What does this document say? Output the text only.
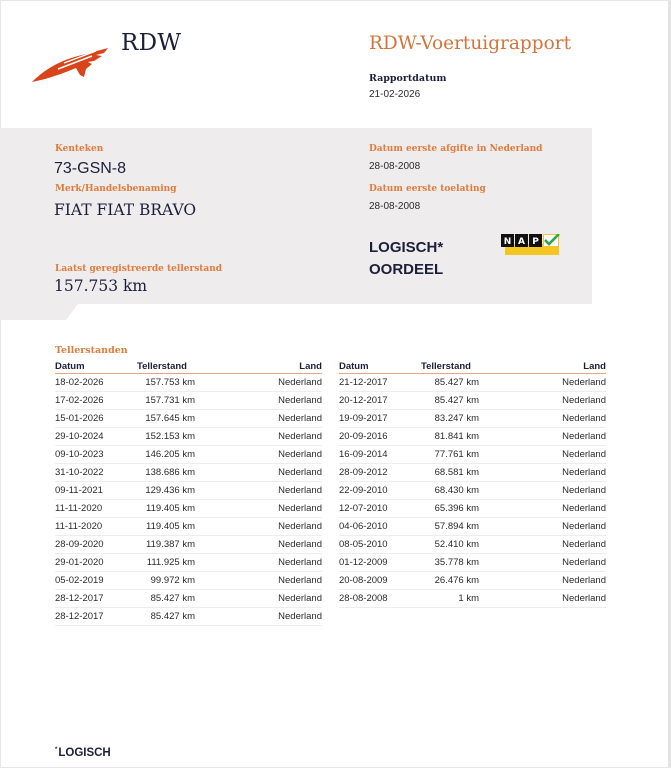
RDW	RDW-Voertuigrapport
Rapportdatum
21-02-2026
Kenteken
73-GSN-8
Merk/Handelsbenaming
FIAT FIAT BRAVO
Laatst geregistreerde tellerstand
157.753 km
Datum eerste afgifte in Nederland
28-08-2008
Datum eerste toelating
28-08-2008
LOGISCH*
OORDEEL
N A P
Tellerstanden
Datum	Tellerstand	Land
18-02-2026	157.753 km	Nederland
17-02-2026	157.731 km	Nederland
15-01-2026	157.645 km	Nederland
29-10-2024	152.153 km	Nederland
09-10-2023	146.205 km	Nederland
31-10-2022	138.686 km	Nederland
09-11-2021	129.436 km	Nederland
11-11-2020	119.405 km	Nederland
11-11-2020	119.405 km	Nederland
28-09-2020	119.387 km	Nederland
29-01-2020	111.925 km	Nederland
05-02-2019	99.972 km	Nederland
28-12-2017	85.427 km	Nederland
28-12-2017	85.427 km	Nederland
Datum	Tellerstand	Land
21-12-2017	85.427 km	Nederland
20-12-2017	85.427 km	Nederland
19-09-2017	83.247 km	Nederland
20-09-2016	81.841 km	Nederland
16-09-2014	77.761 km	Nederland
28-09-2012	68.581 km	Nederland
22-09-2010	68.430 km	Nederland
12-07-2010	65.396 km	Nederland
04-06-2010	57.894 km	Nederland
08-05-2010	52.410 km	Nederland
01-12-2009	35.778 km	Nederland
20-08-2009	26.476 km	Nederland
28-08-2008	1 km	Nederland
*LOGISCH
